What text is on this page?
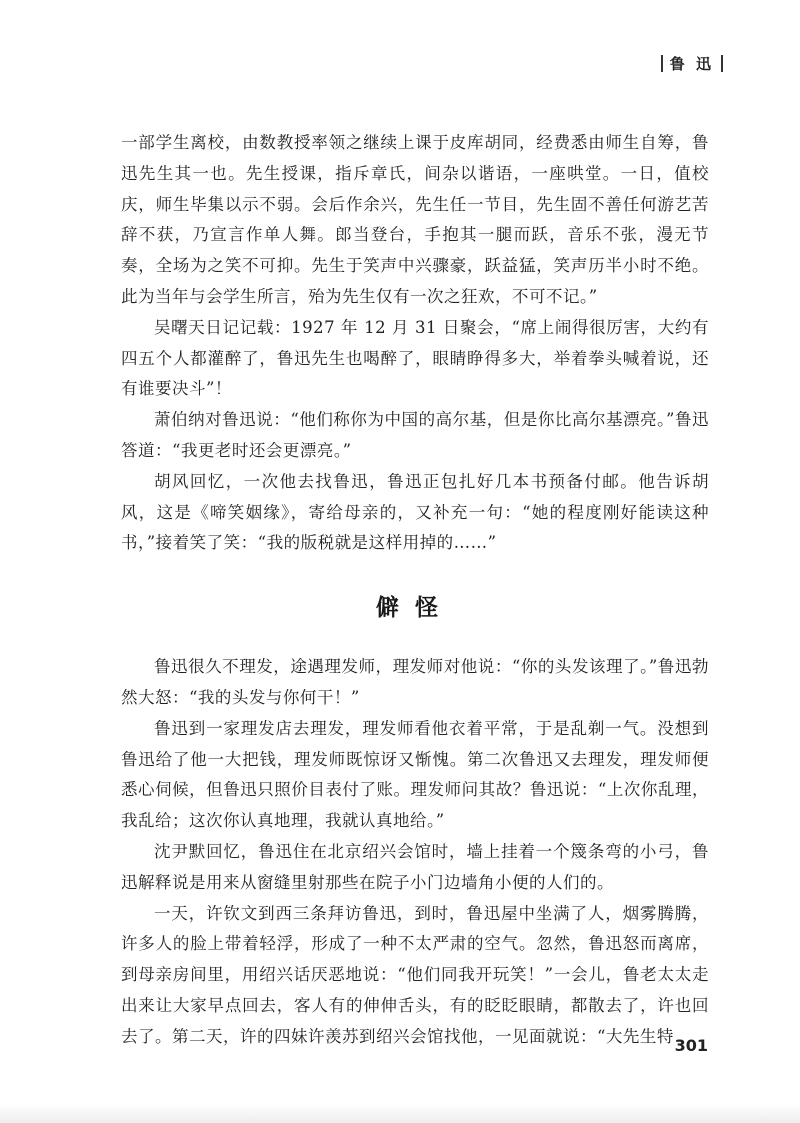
鲁 迅

一部学生离校，由数教授率领之继续上课于皮库胡同，经费悉由师生自筹，鲁迅先生其一也。先生授课，指斥章氏，间杂以谐语，一座哄堂。一日，值校庆，师生毕集以示不弱。会后作余兴，先生任一节目，先生固不善任何游艺苦辞不获，乃宣言作单人舞。郎当登台，手抱其一腿而跃，音乐不张，漫无节奏，全场为之笑不可抑。先生于笑声中兴骤豪，跃益猛，笑声历半小时不绝。此为当年与会学生所言，殆为先生仅有一次之狂欢，不可不记。”

吴曙天日记记载：1927 年 12 月 31 日聚会，“席上闹得很厉害，大约有四五个人都灌醉了，鲁迅先生也喝醉了，眼睛睁得多大，举着拳头喊着说，还有谁要决斗”！

萧伯纳对鲁迅说：“他们称你为中国的高尔基，但是你比高尔基漂亮。”鲁迅答道：“我更老时还会更漂亮。”

胡风回忆，一次他去找鲁迅，鲁迅正包扎好几本书预备付邮。他告诉胡风，这是《啼笑姻缘》，寄给母亲的，又补充一句：“她的程度刚好能读这种书，”接着笑了笑：“我的版税就是这样用掉的……”

僻怪

鲁迅很久不理发，途遇理发师，理发师对他说：“你的头发该理了。”鲁迅勃然大怒：“我的头发与你何干！”

鲁迅到一家理发店去理发，理发师看他衣着平常，于是乱剃一气。没想到鲁迅给了他一大把钱，理发师既惊讶又惭愧。第二次鲁迅又去理发，理发师便悉心伺候，但鲁迅只照价目表付了账。理发师问其故？鲁迅说：“上次你乱理，我乱给；这次你认真地理，我就认真地给。”

沈尹默回忆，鲁迅住在北京绍兴会馆时，墙上挂着一个篾条弯的小弓，鲁迅解释说是用来从窗缝里射那些在院子小门边墙角小便的人们的。

一天，许钦文到西三条拜访鲁迅，到时，鲁迅屋中坐满了人，烟雾腾腾，许多人的脸上带着轻浮，形成了一种不太严肃的空气。忽然，鲁迅怒而离席，到母亲房间里，用绍兴话厌恶地说：“他们同我开玩笑！”一会儿，鲁老太太走出来让大家早点回去，客人有的伸伸舌头，有的眨眨眼睛，都散去了，许也回去了。第二天，许的四妹许羡苏到绍兴会馆找他，一见面就说：“大先生特 301
